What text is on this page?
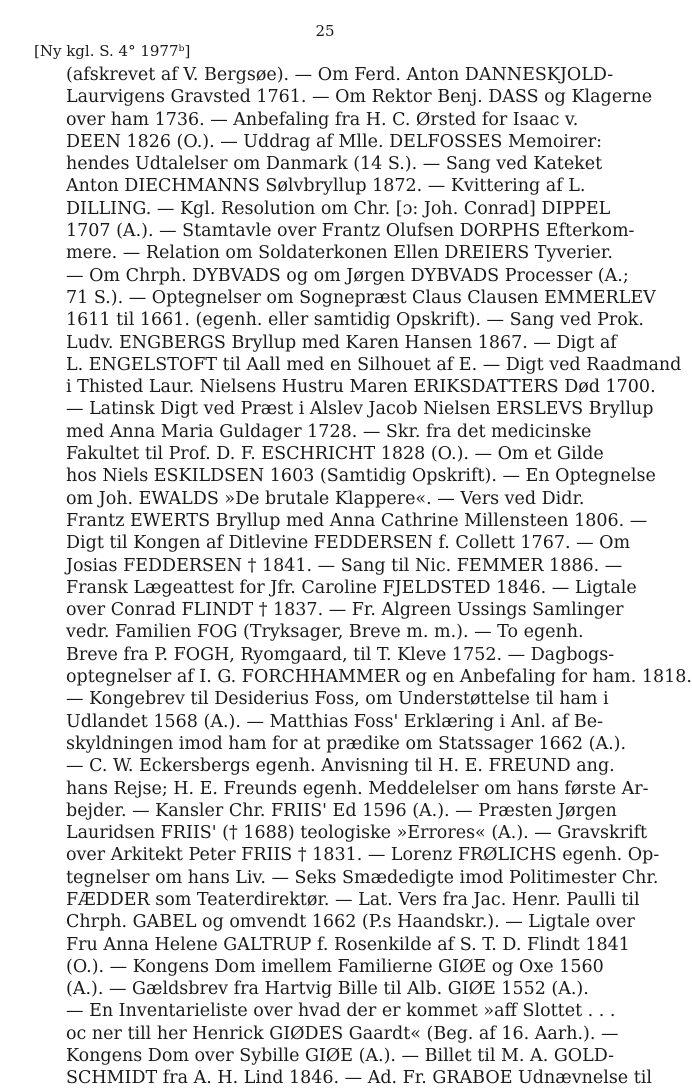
25
[Ny kgl. S. 4° 1977ᵇ]
(afskrevet af V. Bergsøe). — Om Ferd. Anton DANNESKJOLD-
Laurvigens Gravsted 1761. — Om Rektor Benj. DASS og Klagerne
over ham 1736. — Anbefaling fra H. C. Ørsted for Isaac v.
DEEN 1826 (O.). — Uddrag af Mlle. DELFOSSES Memoirer:
hendes Udtalelser om Danmark (14 S.). — Sang ved Kateket
Anton DIECHMANNS Sølvbryllup 1872. — Kvittering af L.
DILLING. — Kgl. Resolution om Chr. [ɔ: Joh. Conrad] DIPPEL
1707 (A.). — Stamtavle over Frantz Olufsen DORPHS Efterkom-
mere. — Relation om Soldaterkonen Ellen DREIERS Tyverier.
— Om Chrph. DYBVADS og om Jørgen DYBVADS Processer (A.;
71 S.). — Optegnelser om Sognepræst Claus Clausen EMMERLEV
1611 til 1661. (egenh. eller samtidig Opskrift). — Sang ved Prok.
Ludv. ENGBERGS Bryllup med Karen Hansen 1867. — Digt af
L. ENGELSTOFT til Aall med en Silhouet af E. — Digt ved Raadmand
i Thisted Laur. Nielsens Hustru Maren ERIKSDATTERS Død 1700.
— Latinsk Digt ved Præst i Alslev Jacob Nielsen ERSLEVS Bryllup
med Anna Maria Guldager 1728. — Skr. fra det medicinske
Fakultet til Prof. D. F. ESCHRICHT 1828 (O.). — Om et Gilde
hos Niels ESKILDSEN 1603 (Samtidig Opskrift). — En Optegnelse
om Joh. EWALDS »De brutale Klappere«. — Vers ved Didr.
Frantz EWERTS Bryllup med Anna Cathrine Millensteen 1806. —
Digt til Kongen af Ditlevine FEDDERSEN f. Collett 1767. — Om
Josias FEDDERSEN † 1841. — Sang til Nic. FEMMER 1886. —
Fransk Lægeattest for Jfr. Caroline FJELDSTED 1846. — Ligtale
over Conrad FLINDT † 1837. — Fr. Algreen Ussings Samlinger
vedr. Familien FOG (Tryksager, Breve m. m.). — To egenh.
Breve fra P. FOGH, Ryomgaard, til T. Kleve 1752. — Dagbogs-
optegnelser af I. G. FORCHHAMMER og en Anbefaling for ham. 1818.
— Kongebrev til Desiderius Foss, om Understøttelse til ham i
Udlandet 1568 (A.). — Matthias Foss' Erklæring i Anl. af Be-
skyldningen imod ham for at prædike om Statssager 1662 (A.).
— C. W. Eckersbergs egenh. Anvisning til H. E. FREUND ang.
hans Rejse; H. E. Freunds egenh. Meddelelser om hans første Ar-
bejder. — Kansler Chr. FRIIS' Ed 1596 (A.). — Præsten Jørgen
Lauridsen FRIIS' († 1688) teologiske »Errores« (A.). — Gravskrift
over Arkitekt Peter FRIIS † 1831. — Lorenz FRØLICHS egenh. Op-
tegnelser om hans Liv. — Seks Smædedigte imod Politimester Chr.
FÆDDER som Teaterdirektør. — Lat. Vers fra Jac. Henr. Paulli til
Chrph. GABEL og omvendt 1662 (P.s Haandskr.). — Ligtale over
Fru Anna Helene GALTRUP f. Rosenkilde af S. T. D. Flindt 1841
(O.). — Kongens Dom imellem Familierne GIØE og Oxe 1560
(A.). — Gældsbrev fra Hartvig Bille til Alb. GIØE 1552 (A.).
— En Inventarieliste over hvad der er kommet »aff Slottet . . .
oc ner till her Henrick GIØDES Gaardt« (Beg. af 16. Aarh.). —
Kongens Dom over Sybille GIØE (A.). — Billet til M. A. GOLD-
SCHMIDT fra A. H. Lind 1846. — Ad. Fr. GRABOE Udnævnelse til
